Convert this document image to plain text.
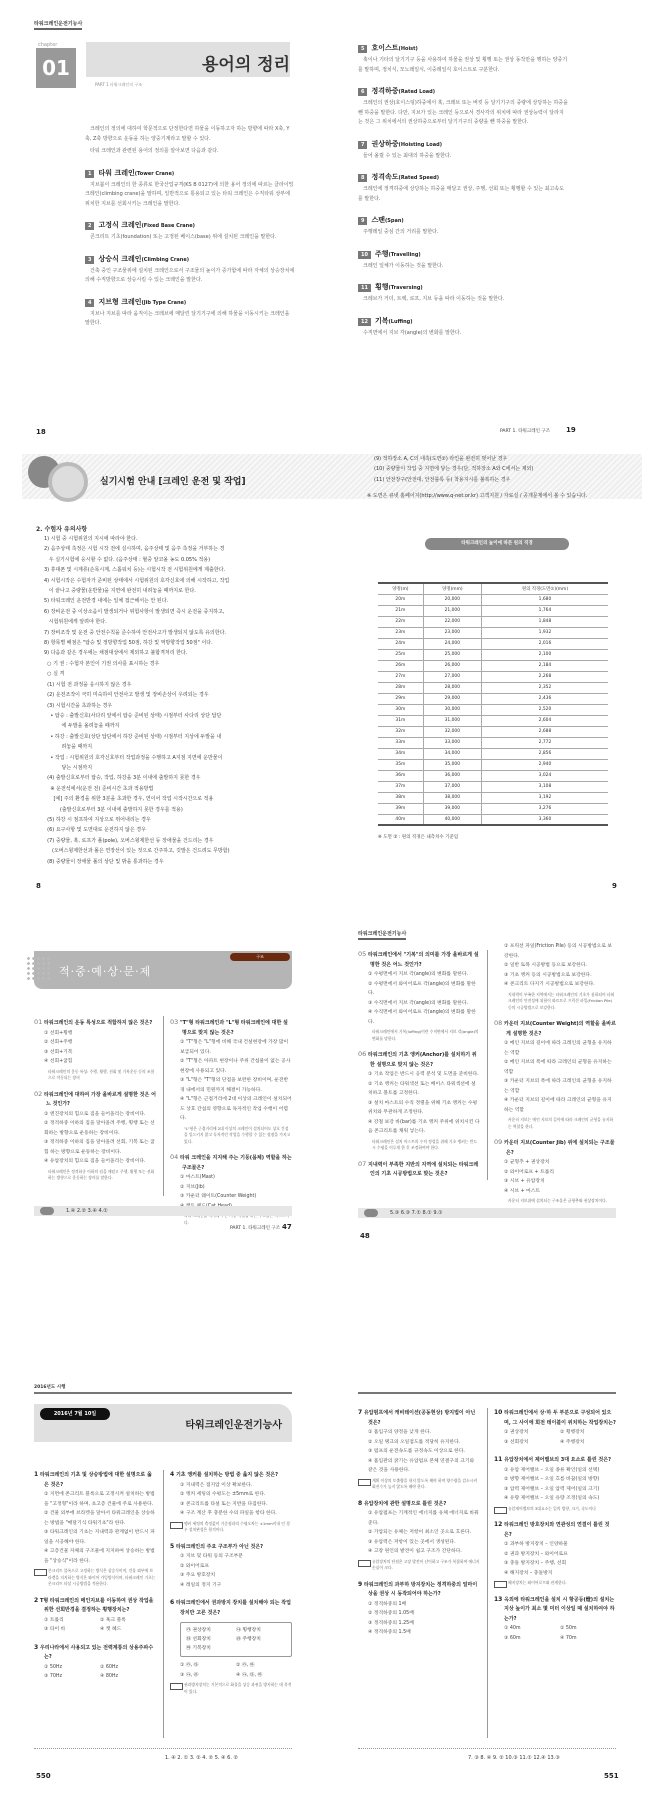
타워크레인운전기능사
chapter
01	용어의 정리
PART 1 타워크레인의 구조

크레인의 정의에 대하여 학문적으로 단정한다면 하물을 이동하고자 하는 방향에 따라 X축, Y축, Z축 방향으로 운동을 하는 양중기계라고 말할 수 있다.

타워 크레인과 관련된 용어의 정의를 알아보면 다음과 같다.

1 타워 크레인(Tower Crane)

지브붐이 크레인의 한 종류로 한국산업규격(KS B 0127)에 의한 용어 정의에 따르는 클라이밍 크레인(climbing crane)을 말하며, 일반적으로 통용되고 있는 타워 크레인은 수직타워 상부에 위치한 지브를 선회시키는 크레인을 말한다.

2 고정식 크레인(Fixed Base Crane)

콘크리트 기초(foundation) 또는 고정된 베이스(base) 위에 설치된 크레인을 말한다.

3 상승식 크레인(Climbing Crane)

건축 중인 구조물위에 설치된 크레인으로서 구조물의 높이가 증가함에 따라 자체의 상승장치에 의해 수직방향으로 상승시킬 수 있는 크레인을 말한다.

4 지브형 크레인(Jib Type Crane)

지브나 지브를 따라 움직이는 크레브에 매달린 달기기구에 의해 하물을 이동시키는 크레인을 말한다.

5 호이스트(Hoist)

훅이나 기타의 달기기구 등을 사용하여 하물을 권상 및 횡행 또는 권상 동작만을 행하는 양중기를 말하며, 정치식, 모노레일식, 이중레일식 호이스트로 구분한다.

6 정격하중(Rated Load)

크레인의 권상(호이스팅)하중에서 훅, 크레브 또는 버킷 등 달기기구의 중량에 상당하는 하중을 뺀 하중을 말한다. 다만, 지브가 있는 크레인 등으로서 경사각의 위치에 따라 권상능력이 달라지는 것은 그 위치에서의 권상하중으로부터 달기기구의 중량을 뺀 하중을 말한다.

7 권상하중(Hoisting Load)

들어 올릴 수 있는 최대의 하중을 말한다.

8 정격속도(Rated Speed)

크레인에 정격하중에 상당하는 하중을 매달고 권상, 주행, 선회 또는 횡행할 수 있는 최고속도를 말한다.

9 스팬(Span)

주행레일 중심 간의 거리를 말한다.

10 주행(Travelling)

크레인 일체가 이동하는 것을 말한다.

11 횡행(Traversing)

크레브가 거더, 트랙, 로프, 지브 등을 따라 이동하는 것을 말한다.

12 기복(Luffing)

수직면에서 지브 각(angle)의 변화를 말한다.

18	PART 1. 타워크레인 구조 19
실기시험 안내 [크레인 운전 및 작업]
2. 수험자 유의사항
1) 시험 중 시험위원의 지시에 따라야 한다.
2) 음주상태 측정은 시험 시작 전에 실시하며, 음주상태 및 음주 측정을 거부하는 경
우 실기시험에 응시할 수 없다. (음주상태 : 혈중 알코올 농도 0.05% 적용)
3) 휴대폰 및 시계류(손목시계, 스톱워치 등)는 시험시작 전 시험위원에게 제출한다.
4) 시험시작은 수험자가 준비된 상태에서 시험위원의 호각신호에 의해 시작하고, 작업
이 끝나고 중량물(운반물)을 지면에 완전히 내려놓을 때까지로 한다.
5) 타워크레인 운전반경 내에는 일체 접근해서는 안 된다.
6) 장비운전 중 이상소음이 발생되거나 위험사항이 발생되면 즉시 운전을 중지하고,
시험위원에게 알려야 한다.
7) 장비조작 및 운전 중 안전수칙을 준수하여 안전사고가 발생되지 않도록 유의한다.
8) 항목별 배점은 "탑승 및 정방향작업 50점, 하강 및 역방향작업 50점" 이다.
9) 다음과 같은 경우에는 채점대상에서 제외하고 불합격처리 한다.
○ 기 권 : 수험자 본인이 기권 의사를 표시하는 경우
○ 실 격
(1) 시험 전 과정을 응시하지 않은 경우
(2) 운전조작이 극히 미숙하여 안전사고 발생 및 장비손상이 우려되는 경우
(3) 시험시간을 초과하는 경우
• 탑승 : 출발신호(사다리 앞에서 탑승 준비된 상태) 시점부터 사다리 상단 답단
에 두발을 올려놓을 때까지
• 하강 : 출발신호(상단 답단에서 하강 준비된 상태) 시점부터 지상에 두발을 내
려놓을 때까지
• 작업 : 시험위원의 호각신호부터 작업과정을 수행하고 A지점 지면에 운반물이
닿는 시점까지
(4) 출발신호로부터 탑승, 작업, 하강을 3분 이내에 출발하지 못한 경우
※ 운전석에서(운전 전) 준비시간 초과 적용방법
[예] 주의 환경을 위한 3분을 초과한 경우, 연이어 작업 시작시간으로 적용
(출발신호로부터 3분 이내에 출발하지 못한 경우를 적용)
(5) 하강 시 점프하여 지상으로 뛰어내리는 경우
(6) 요구사항 및 도면대로 운전하지 않은 경우
(7) 중량물, 훅, 로프가 폴(pole), 오버스윙제한선 등 장애물을 건드리는 경우
(오버스윙제한선과 폴은 연장선이 있는 것으로 간주하고, 깃발은 건드려도 무방함)
(8) 중량물이 장애물 폴의 상단 및 밖을 통과하는 경우
(9) 적하장소 A, C의 내측(도면②) 라인을 완전히 벗어난 경우
(10) 중량물이 작업 중 지면에 닿는 경우(단, 적하장소 A와 C에서는 제외)
(11) 안전장구(안전대, 안전블록 등) 착용지시를 불복하는 경우
※ 도면은 큐넷 홈페이지(http://www.q-net.or.kr) 고객지원 / 자료실 / 공개문제에서 볼 수 있습니다.
타워크레인의 높이에 따른 원의 직경
양정(m)	양정(mm)	원의 직경(도면②)(mm)
20m	20,000	1,680
21m	21,000	1,764
22m	22,000	1,848
23m	23,000	1,932
24m	24,000	2,016
25m	25,000	2,100
26m	26,000	2,184
27m	27,000	2,268
28m	28,000	2,352
29m	29,000	2,436
30m	30,000	2,520
31m	31,000	2,604
32m	32,000	2,688
33m	33,000	2,772
34m	34,000	2,856
35m	35,000	2,940
36m	36,000	3,024
37m	37,000	3,108
38m	38,000	3,192
39m	39,000	3,276
40m	40,000	3,360
※ 도면 ② : 원의 직경은 내측치수 기준임
8	9
적·중·예·상·문·제
구조
01 타워크레인의 운동 특성으로 적합하지 않은 것은?
① 선회+횡행
② 선회+주행
③ 선회+기복
④ 선회+굽힘
타워크레인의 운동 특성: 주행, 횡행, 선회 및 기복운동 등의 조합으로 작동되는 장비
02 타워크레인에 대하여 가장 올바르게 설명한 것은 어느 것인가?
① 엔진장치의 힘으로 짐을 들어올리는 장비이다.
② 정격하중 이하의 짐을 달아올려 주행, 횡행 또는 선회하는 방향으로 운동하는 장비이다.
③ 정격하중 이하의 짐을 달아올려 선회, 기복 또는 굽힘 하는 방향으로 운동하는 장비이다.
④ 유압장치의 힘으로 짐을 들어올리는 장비이다.
타워크레인은 정격하중 이하의 짐을 매달고 주행, 횡행 또는 선회하는 방향으로 운동하는 장비를 말한다.
03 "T"형 타워크레인과 "L"형 타워크레인에 대한 설명으로 맞지 않는 것은?
① "T"형은 "L"형에 비해 국내 건설현장에 가장 많이 보급되어 있다.
② "T"형은 아파트 현장이나 주위 간섭물이 없는 공사현장에 사용되고 있다.
③ "L"형은 "T"형의 단점을 보완한 장비이며, 운전반경 내에서의 민원까지 해결이 가능하다.
④ "L"형은 근접거리에 2대 이상의 크레인이 설치되어도 상호 간섭의 영향으로 독자적인 작업 수행이 어렵다.
"L"형은 근접거리에 2대 이상의 크레인이 설치되어도 상호 간섭을 일으키지 않고 독자적인 작업을 수행할 수 있는 장점을 가지고 있다.
04 타워 크레인을 지지해 주는 기둥(몸체) 역할을 하는 구조물은?
① 마스트(Mast)
② 지브(Jib)
③ 카운터 웨이트(Counter Weight)
다.
1.④ 2.② 3.④ 4.①
PART 1. 타워크레인 구조 47
타워크레인운전기능사
05 타워크레인에서 "기복"의 의미를 가장 올바르게 설명한 것은 어느 것인가?
① 수평면에서 지브 각(angle)의 변화를 말한다.
② 수평면에서 와이어로프 각(angle)의 변화를 말한다.
③ 수직면에서 지브 각(angle)의 변화를 말한다.
④ 수직면에서 와이어로프 각(angle)의 변화를 말한다.
타워크레인에서 기복(luffing)이란 수직면에서 지브 각(angle)의 변화를 말한다.
06 타워크레인의 기초 앵커(Anchor)를 설치하기 위한 설명으로 맞지 않는 것은?
① 기초 작업은 반드시 응력 분석 및 도면을 준비한다.
② 기초 앵커는 타워섹션 또는 베이스 타워섹션에 설치하고 볼트를 고정한다.
③ 설치 마스트의 수직 정렬을 위해 기초 앵커는 수평 위치와 무관하게 조정한다.
④ 강철 보강 바(bar)를 기초 앵커 주위에 위치시킨 다음 콘크리트를 채워 넣는다.
타워크레인은 설치 마스트의 수직 정렬을 위해 기초 앵커는 반드시 수평을 이루게 한 후 조정하여야 한다.
07 지내력이 부족한 지반의 지역에 설치되는 타워크레인의 기초 시공방법으로 맞는 것은?
① 프릭션 파일(Friction Pile) 등의 시공방법으로 보강한다.
② 일반 토목 시공방법 등으로 보강한다.
③ 기초 앵커 등의 시공방법으로 보강한다.
④ 콘크리트 다지기 시공방법으로 보강한다.
지내력이 부족한 지역에서는 타워크레인의 기초가 침하되어 타워크레인의 안전성에 위험이 따르므로 프릭션 파일(Friction Pile) 등의 시공방법으로 보강한다.
08 카운터 지브(Counter Weight)의 역할을 올바르게 설명한 것은?
① 메인 지브의 길이에 따라 크레인의 균형을 유지하는 역할
② 메인 지브의 폭에 따라 크레인의 균형을 유지하는 역할
③ 카운터 지브의 폭에 따라 크레인의 균형을 유지하는 역할
④ 카운터 지브의 길이에 따라 크레인의 균형을 유지하는 역할
카운터 지브는 메인 지브의 길이에 따라 크레인의 균형을 유지하는 역할을 한다.
09 카운터 지브(Counter Jib) 위에 설치되는 구조물은?
① 균형추 + 권상장치
② 와이어로프 + 트롤리
③ 시브 + 유압장치
④ 시브 + 마스트
카운터 지브위에 설치되는 구조물은 균형추와 권상장치이다.
5.③ 6.③ 7.① 8.① 9.①
48
2016년도 시행
타워크레인운전기능사
2016년 7월 10일
1 타워크레인의 기초 및 상승방법에 대한 설명으로 옳은 것은?
① 지면에 콘크리트 블록으로 고정시켜 설치하는 방법을 "고정형"이라 하며, 초고층 건물에 주로 사용한다.
② 건물 외부에 브라켓을 달아서 타워크레인을 상승하는 방법을 "매달기식 타워기초"라 한다.
③ 타워크레인의 기초는 지내력과 관계없이 반드시 파일을 시공해야 한다.
④ 고층건물 자체의 구조물에 지지하여 상승하는 방법을 "상승식"이라 한다.
콘크리트 블록으로 고정하는 방식은 상승식이며, 건물 외부에 브라켓을 지지하는 방식은 와이어 가잉방식이며, 타워크레인 기초는 콘크리트 타설 시공방법을 적용한다.
2 T형 타워크레인의 메인지브를 이동하여 권상 작업을 위한 선회반경을 결정하는 횡행장치는?
① 트롤리	② 훅크 블록
③ 타이 바	④ 캣 헤드
3 우리나라에서 사용되고 있는 전력계통의 상용주파수는?
① 50Hz	② 60Hz
③ 70Hz	④ 80Hz
4 기초 앵커를 설치하는 방법 중 옳지 않은 것은?
① 지내력은 접지압 이상 확보한다.
② 앵커 세팅의 수평도는 ±5mm로 한다.
③ 콘크리트를 타설 또는 지반을 다짐한다.
④ 구조 계산 후 충분한 수의 파일을 항타 한다.
앵커 세팅의 측정값이 기준점과의 수평오차는 ±1mm이내 인 경우 설치완성은 합격이다.
5 타워크레인의 주요 구조부가 아닌 것은?
① 지브 및 타워 등의 구조부분
② 와이어로프
③ 주요 방호장치
④ 레일의 정지 기구
6 타워크레인에서 권과방지 장치를 설치해야 되는 작업장치만 고른 것은?
㉮ 권상장치	㉯ 횡행장치
㉰ 선회장치	㉱ 주행장치
㉲ 기복장치
① ㉮, ㉰	② ㉮, ㉲
③ ㉯, ㉱	④ ㉯, ㉰, ㉲
권과방지장치는 기본적으로 화물을 상승 과권을 방지하는 데 목적이 있다.
1. ④ 2. ① 3. ② 4. ② 5. ④ 6. ②
550
7 유압펌프에서 캐비테이션(공동현상) 방지법이 아닌 것은?
① 흡입구의 양정을 낮게 한다.
② 오일 탱크의 오일점도를 적당히 유지한다.
③ 펌프의 운전속도를 규정속도 이상으로 한다.
④ 흡입관의 굵기는 유압펌프 본체 연결구의 크기와 같은 것을 사용한다.
계획 이상의 토출량을 내지 않도록 해야 하며 양수량을 감소시켜 회전수가 높지 않도록 해야 한다.
8 유압장치에 관한 설명으로 틀린 것은?
① 유압펌프는 기계적인 에너지를 유체 에너지로 바꿔준다.
② 가압되는 유체는 저항이 최소인 곳으로 흐른다.
③ 유압력은 저항이 있는 곳에서 생성된다.
④ 고장 원인의 발견이 쉽고 구조가 간단하다.
유압장치의 단점은 고장 발견이 난이하고 구조가 복잡하여 에너지 손실이 크다.
9 타워크레인의 과부하 방지장치는 정격하중의 얼마이상을 권상 시 동작되어야 하는가?
① 정격하중의 1배
② 정격하중의 1.05배
③ 정격하중의 1.25배
④ 정격하중의 1.5배
10 타워크레인에서 상·하 두 부분으로 구성되어 있으며, 그 사이에 회전 테이블이 위치하는 작업장치는?
① 권상장치	② 횡행장치
③ 선회장치	④ 주행장치
11 유압장치에서 제어밸브의 3대 요소로 틀린 것은?
① 유압 제어밸브 – 오일 종류 확인(일의 선택)
② 방향 제어밸브 – 오일 흐름 바꿈(일의 방향)
③ 압력 제어밸브 – 오일 압력 제어(일의 크기)
④ 유량 제어밸브 – 오일 유량 조정(일의 속도)
유압제어밸브의 3대요소는 일의 방향, 크기, 속도이다
12 타워크레인 방호장치와 연관성의 연결이 틀린 것은?
① 과부하 방지장치 – 인양하물
② 권과 방지장치 – 와이어로프
③ 충돌 방지장치 – 주행, 선회
④ 해지장치 – 충돌방지
해지장치는 와이어로프와 관계한다.
13 옥외에 타워크레인을 설치 시 항공등(燈)의 설치는 지상 높이가 최소 몇 미터 이상일 때 설치하여야 하는가?
① 40m	② 50m
③ 60m	④ 70m
7. ③ 8. ④ 9. ② 10.③ 11.① 12.④ 13.③
551
